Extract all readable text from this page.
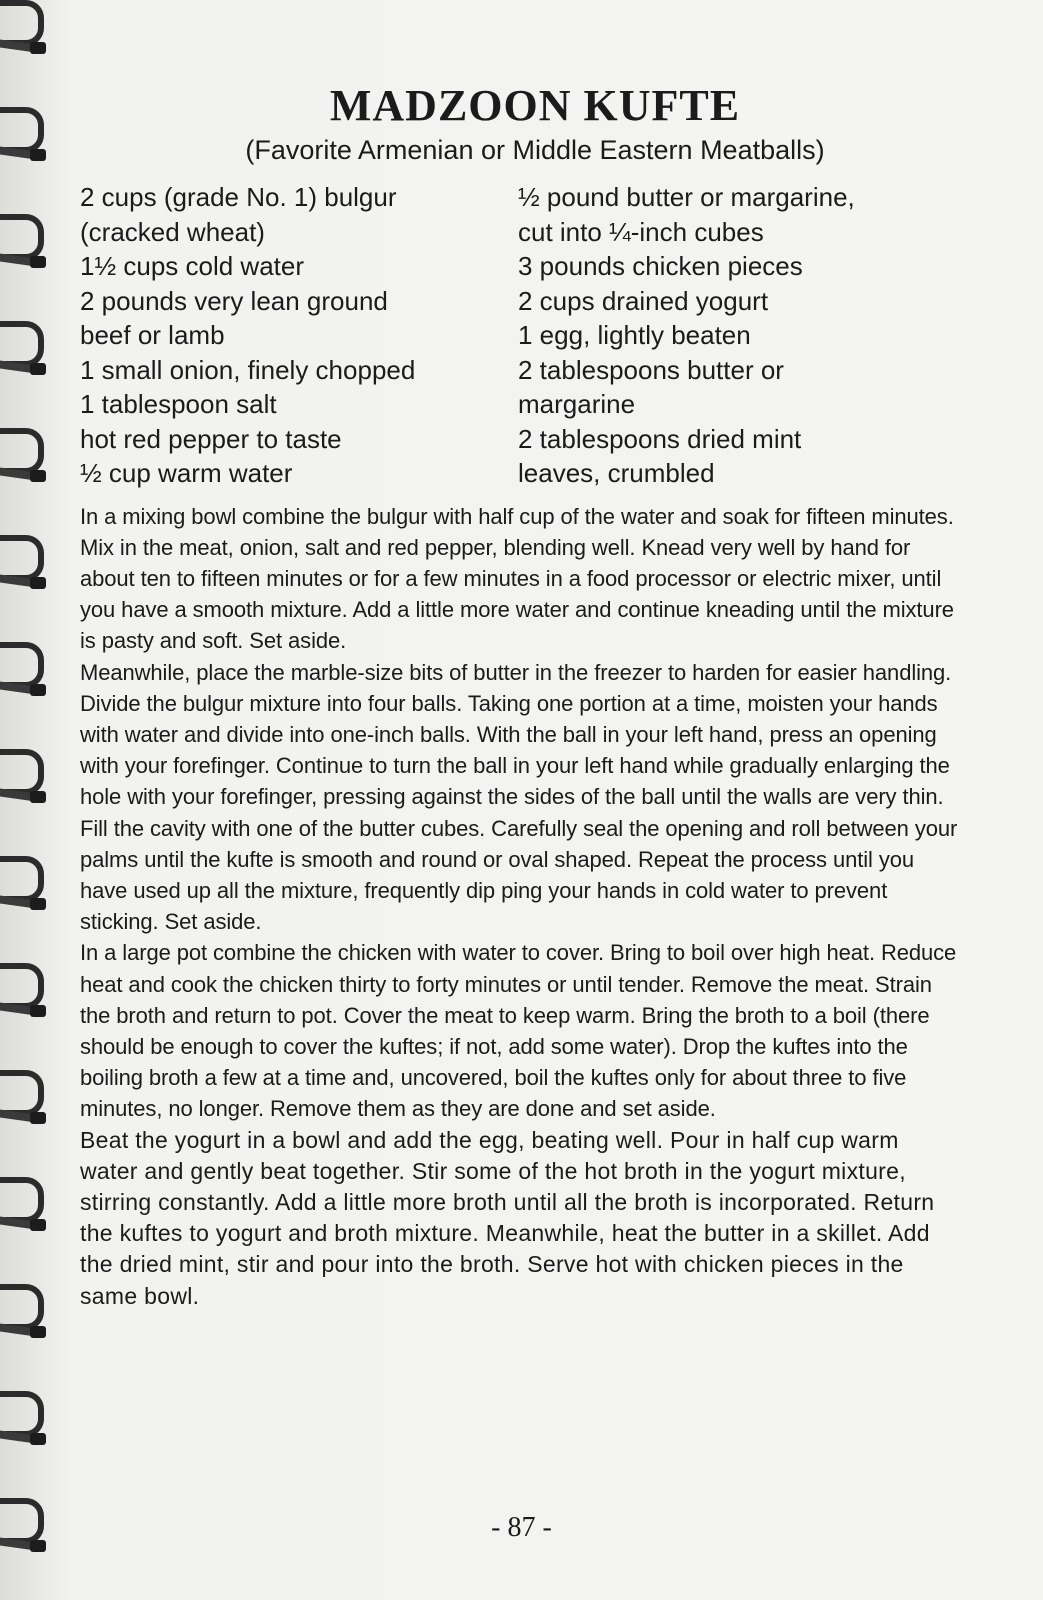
MADZOON KUFTE
(Favorite Armenian or Middle Eastern Meatballs)
2 cups (grade No. 1) bulgur
(cracked wheat)
1½ cups cold water
2 pounds very lean ground
beef or lamb
1 small onion, finely chopped
1 tablespoon salt
hot red pepper to taste
½ cup warm water
½ pound butter or margarine,
cut into ¼-inch cubes
3 pounds chicken pieces
2 cups drained yogurt
1 egg, lightly beaten
2 tablespoons butter or
margarine
2 tablespoons dried mint
leaves, crumbled

In a mixing bowl combine the bulgur with half cup of the water and soak for fifteen minutes. Mix in the meat, onion, salt and red pepper, blending well. Knead very well by hand for about ten to fifteen minutes or for a few minutes in a food processor or electric mixer, until you have a smooth mixture. Add a little more water and continue kneading until the mixture is pasty and soft. Set aside.

Meanwhile, place the marble-size bits of butter in the freezer to harden for easier handling. Divide the bulgur mixture into four balls. Taking one portion at a time, moisten your hands with water and divide into one-inch balls. With the ball in your left hand, press an opening with your forefinger. Continue to turn the ball in your left hand while gradually enlarging the hole with your forefinger, pressing against the sides of the ball until the walls are very thin. Fill the cavity with one of the butter cubes. Carefully seal the opening and roll between your palms until the kufte is smooth and round or oval shaped. Repeat the process until you have used up all the mixture, frequently dip ping your hands in cold water to prevent sticking. Set aside.

In a large pot combine the chicken with water to cover. Bring to boil over high heat. Reduce heat and cook the chicken thirty to forty minutes or until tender. Remove the meat. Strain the broth and return to pot. Cover the meat to keep warm. Bring the broth to a boil (there should be enough to cover the kuftes; if not, add some water). Drop the kuftes into the boiling broth a few at a time and, uncovered, boil the kuftes only for about three to five minutes, no longer. Remove them as they are done and set aside.

Beat the yogurt in a bowl and add the egg, beating well. Pour in half cup warm water and gently beat together. Stir some of the hot broth in the yogurt mixture, stirring constantly. Add a little more broth until all the broth is incorporated. Return the kuftes to yogurt and broth mixture. Meanwhile, heat the butter in a skillet. Add the dried mint, stir and pour into the broth. Serve hot with chicken pieces in the same bowl.

- 87 -
